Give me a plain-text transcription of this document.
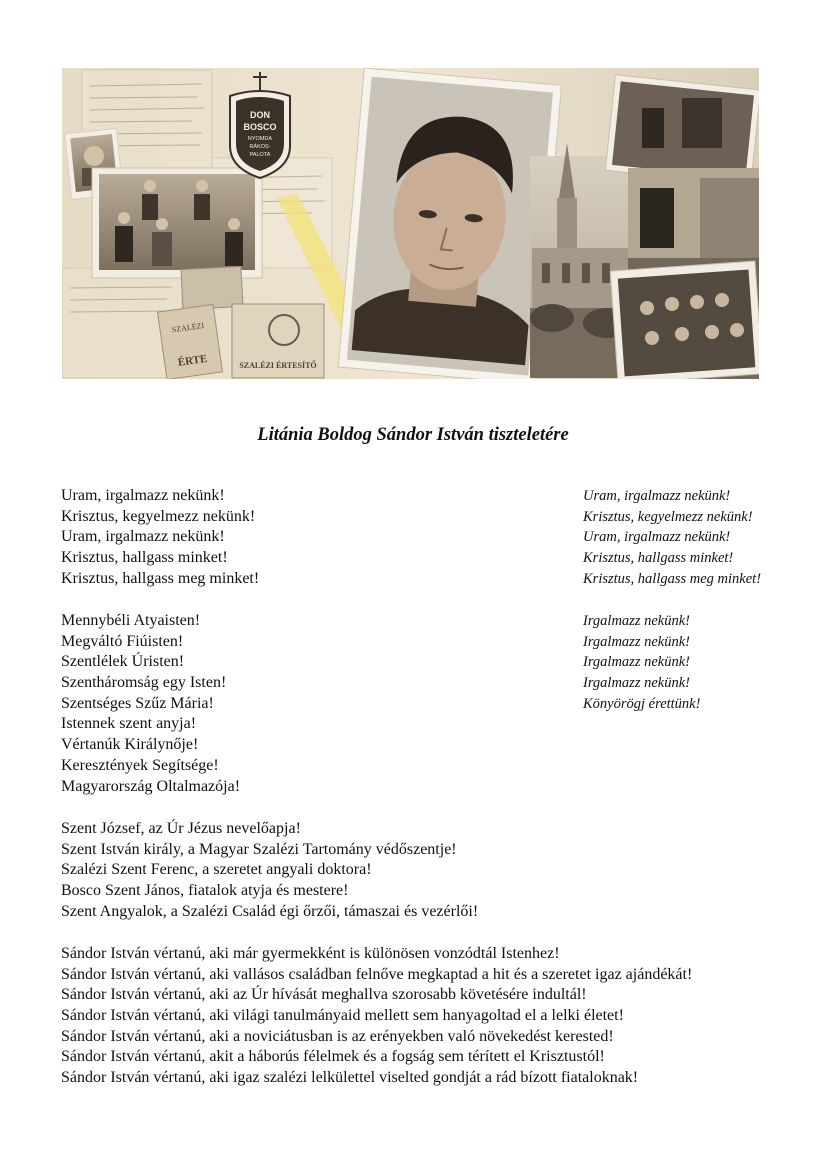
DON
BOSCO
NYOMDA
RÁKOS-
PALOTA
SZALÉZI
ÉRTE	SZALÉZI ÉRTESÍTŐ
Litánia Boldog Sándor István tiszteletére
Uram, irgalmazz nekünk!	Uram, irgalmazz nekünk!
Krisztus, kegyelmezz nekünk!	Krisztus, kegyelmezz nekünk!
Uram, irgalmazz nekünk!	Uram, irgalmazz nekünk!
Krisztus, hallgass minket!	Krisztus, hallgass minket!
Krisztus, hallgass meg minket!	Krisztus, hallgass meg minket!
Mennybéli Atyaisten!	Irgalmazz nekünk!
Megváltó Fiúisten!	Irgalmazz nekünk!
Szentlélek Úristen!	Irgalmazz nekünk!
Szentháromság egy Isten!	Irgalmazz nekünk!
Szentséges Szűz Mária!	Könyörögj érettünk!
Istennek szent anyja!
Vértanúk Királynője!
Keresztények Segítsége!
Magyarország Oltalmazója!
Szent József, az Úr Jézus nevelőapja!
Szent István király, a Magyar Szalézi Tartomány védőszentje!
Szalézi Szent Ferenc, a szeretet angyali doktora!
Bosco Szent János, fiatalok atyja és mestere!
Szent Angyalok, a Szalézi Család égi őrzői, támaszai és vezérlői!
Sándor István vértanú, aki már gyermekként is különösen vonzódtál Istenhez!
Sándor István vértanú, aki vallásos családban felnőve megkaptad a hit és a szeretet igaz ajándékát!
Sándor István vértanú, aki az Úr hívását meghallva szorosabb követésére indultál!
Sándor István vértanú, aki világi tanulmányaid mellett sem hanyagoltad el a lelki életet!
Sándor István vértanú, aki a noviciátusban is az erényekben való növekedést kerested!
Sándor István vértanú, akit a háborús félelmek és a fogság sem térített el Krisztustól!
Sándor István vértanú, aki igaz szalézi lelkülettel viselted gondját a rád bízott fiataloknak!
